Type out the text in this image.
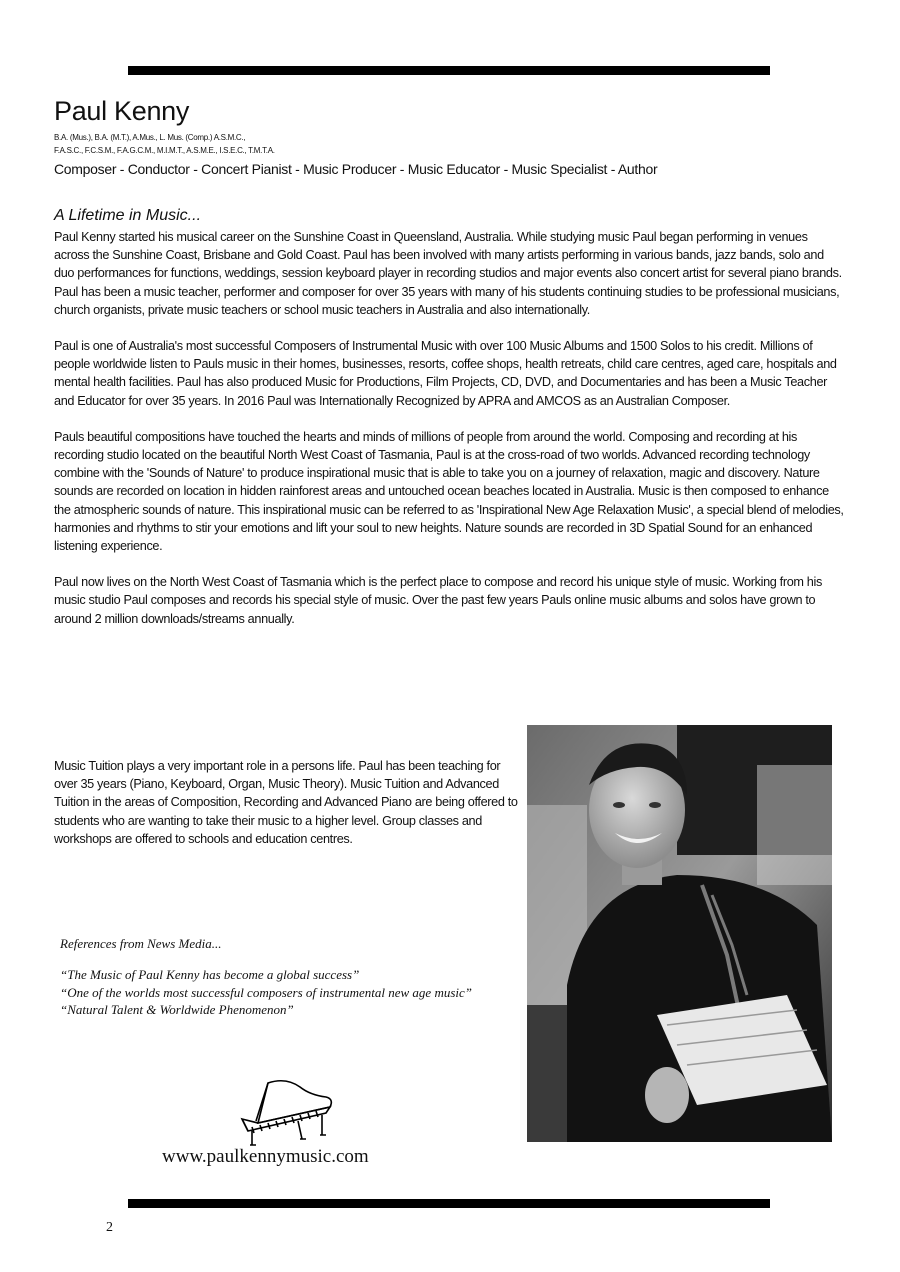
Paul Kenny
B.A. (Mus.), B.A. (M.T.), A.Mus., L. Mus. (Comp.) A.S.M.C.,
F.A.S.C., F.C.S.M., F.A.G.C.M., M.I.M.T., A.S.M.E., I.S.E.C., T.M.T.A.
Composer - Conductor - Concert Pianist - Music Producer - Music Educator - Music Specialist - Author
A Lifetime in Music...

Paul Kenny started his musical career on the Sunshine Coast in Queensland, Australia. While studying music Paul began performing in venues across the Sunshine Coast, Brisbane and Gold Coast. Paul has been involved with many artists performing in various bands, jazz bands, solo and duo performances for functions, weddings, session keyboard player in recording studios and major events also concert artist for several piano brands. Paul has been a music teacher, performer and composer for over 35 years with many of his students continuing studies to be professional musicians, church organists, private music teachers or school music teachers in Australia and also internationally.

Paul is one of Australia's most successful Composers of Instrumental Music with over 100 Music Albums and 1500 Solos to his credit. Millions of people worldwide listen to Pauls music in their homes, businesses, resorts, coffee shops, health retreats, child care centres, aged care, hospitals and mental health facilities. Paul has also produced Music for Productions, Film Projects, CD, DVD, and Documentaries and has been a Music Teacher and Educator for over 35 years. In 2016 Paul was Internationally Recognized by APRA and AMCOS as an Australian Composer.

Pauls beautiful compositions have touched the hearts and minds of millions of people from around the world. Composing and recording at his recording studio located on the beautiful North West Coast of Tasmania, Paul is at the cross-road of two worlds. Advanced recording technology combine with the 'Sounds of Nature' to produce inspirational music that is able to take you on a journey of relaxation, magic and discovery. Nature sounds are recorded on location in hidden rainforest areas and untouched ocean beaches located in Australia. Music is then composed to enhance the atmospheric sounds of nature. This inspirational music can be referred to as 'Inspirational New Age Relaxation Music', a special blend of melodies, harmonies and rhythms to stir your emotions and lift your soul to new heights. Nature sounds are recorded in 3D Spatial Sound for an enhanced listening experience.

Paul now lives on the North West Coast of Tasmania which is the perfect place to compose and record his unique style of music. Working from his music studio Paul composes and records his special style of music. Over the past few years Pauls online music albums and solos have grown to around 2 million downloads/streams annually.

Music Tuition plays a very important role in a persons life. Paul has been teaching for over 35 years (Piano, Keyboard, Organ, Music Theory). Music Tuition and Advanced Tuition in the areas of Composition, Recording and Advanced Piano are being offered to students who are wanting to take their music to a higher level. Group classes and workshops are offered to schools and education centres.

References from News Media...
“The Music of Paul Kenny has become a global success”
“One of the worlds most successful composers of instrumental new age music”
“Natural Talent & Worldwide Phenomenon”
www.paulkennymusic.com
2
